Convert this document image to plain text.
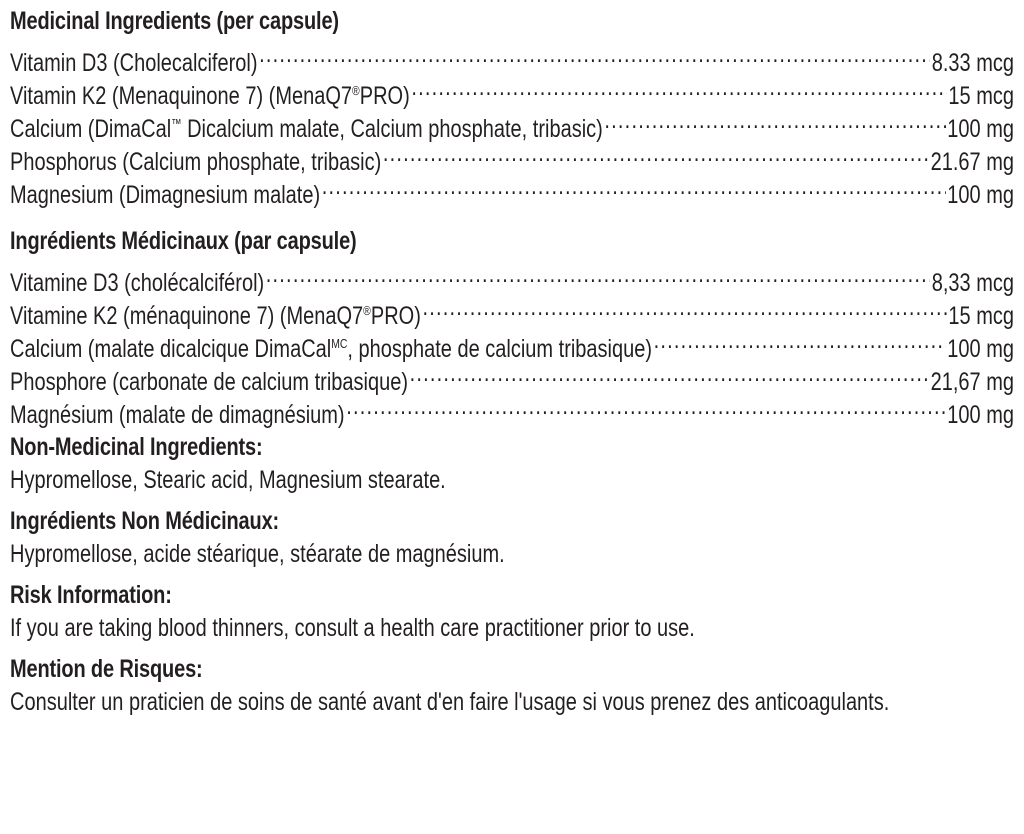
Medicinal Ingredients (per capsule)
Vitamin D3 (Cholecalciferol) .....	8.33 mcg
Vitamin K2 (Menaquinone 7) (MenaQ7®PRO) .....	15 mcg
Calcium (DimaCal™ Dicalcium malate, Calcium phosphate, tribasic) .....	100 mg
Phosphorus (Calcium phosphate, tribasic) .....	21.67 mg
Magnesium (Dimagnesium malate) .....	100 mg
Ingrédients Médicinaux (par capsule)
Vitamine D3 (cholécalciférol) .....	8,33 mcg
Vitamine K2 (ménaquinone 7) (MenaQ7®PRO) .....	15 mcg
Calcium (malate dicalcique DimaCal$^{MC}$, phosphate de calcium tribasique) .....	100 mg
Phosphore (carbonate de calcium tribasique) .....	21,67 mg
Magnésium (malate de dimagnésium) .....	100 mg
Non-Medicinal Ingredients:
Hypromellose, Stearic acid, Magnesium stearate.
Ingrédients Non Médicinaux:
Hypromellose, acide stéarique, stéarate de magnésium.
Risk Information:
If you are taking blood thinners, consult a health care practitioner prior to use.
Mention de Risques:
Consulter un praticien de soins de santé avant d'en faire l'usage si vous prenez des anticoagulants.
